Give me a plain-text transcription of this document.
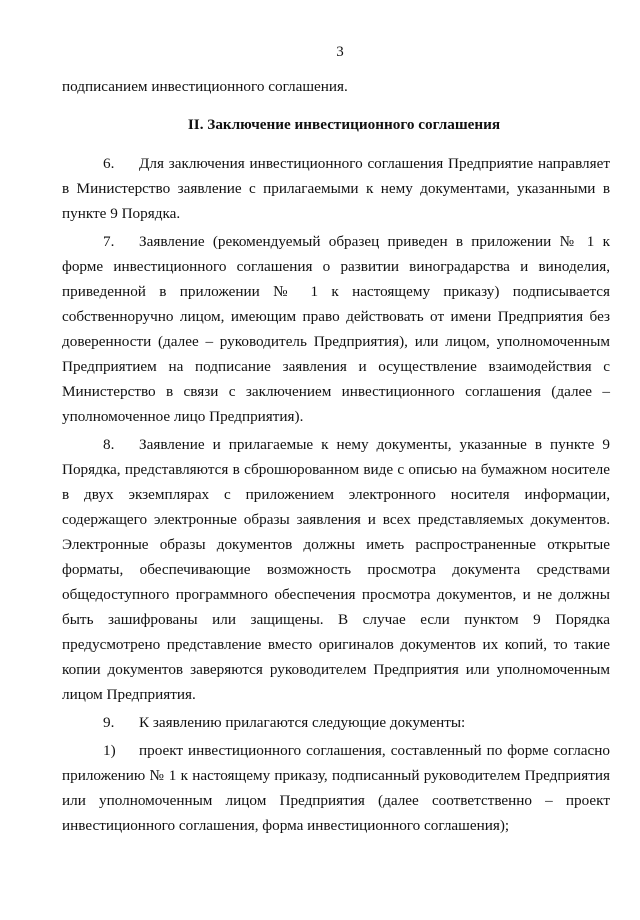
3

подписанием инвестиционного соглашения.

II. Заключение инвестиционного соглашения

6. Для заключения инвестиционного соглашения Предприятие направляет в Министерство заявление с прилагаемыми к нему документами, указанными в пункте 9 Порядка.

7. Заявление (рекомендуемый образец приведен в приложении № 1 к форме инвестиционного соглашения о развитии виноградарства и виноделия, приведенной в приложении № 1 к настоящему приказу) подписывается собственноручно лицом, имеющим право действовать от имени Предприятия без доверенности (далее – руководитель Предприятия), или лицом, уполномоченным Предприятием на подписание заявления и осуществление взаимодействия с Министерство в связи с заключением инвестиционного соглашения (далее – уполномоченное лицо Предприятия).

8. Заявление и прилагаемые к нему документы, указанные в пункте 9 Порядка, представляются в сброшюрованном виде с описью на бумажном носителе в двух экземплярах с приложением электронного носителя информации, содержащего электронные образы заявления и всех представляемых документов. Электронные образы документов должны иметь распространенные открытые форматы, обеспечивающие возможность просмотра документа средствами общедоступного программного обеспечения просмотра документов, и не должны быть зашифрованы или защищены. В случае если пунктом 9 Порядка предусмотрено представление вместо оригиналов документов их копий, то такие копии документов заверяются руководителем Предприятия или уполномоченным лицом Предприятия.

9. К заявлению прилагаются следующие документы:

1) проект инвестиционного соглашения, составленный по форме согласно приложению № 1 к настоящему приказу, подписанный руководителем Предприятия или уполномоченным лицом Предприятия (далее соответственно – проект инвестиционного соглашения, форма инвестиционного соглашения);
